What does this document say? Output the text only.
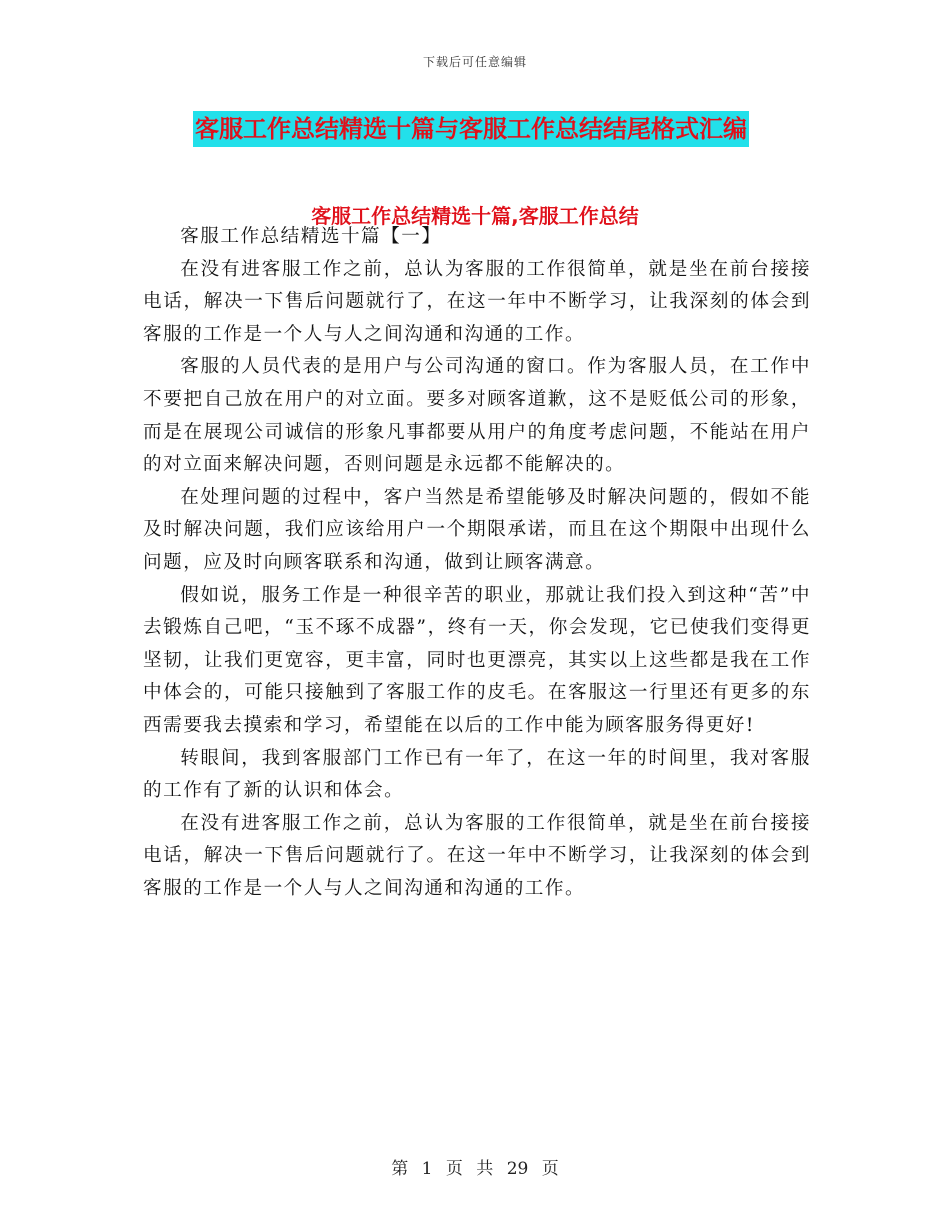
下载后可任意编辑
客服工作总结精选十篇与客服工作总结结尾格式汇编
客服工作总结精选十篇,客服工作总结

客服工作总结精选十篇【一】

在没有进客服工作之前，总认为客服的工作很简单，就是坐在前台接接电话，解决一下售后问题就行了，在这一年中不断学习，让我深刻的体会到客服的工作是一个人与人之间沟通和沟通的工作。

客服的人员代表的是用户与公司沟通的窗口。作为客服人员，在工作中不要把自己放在用户的对立面。要多对顾客道歉，这不是贬低公司的形象，而是在展现公司诚信的形象凡事都要从用户的角度考虑问题，不能站在用户的对立面来解决问题，否则问题是永远都不能解决的。

在处理问题的过程中，客户当然是希望能够及时解决问题的，假如不能及时解决问题，我们应该给用户一个期限承诺，而且在这个期限中出现什么问题，应及时向顾客联系和沟通，做到让顾客满意。

假如说，服务工作是一种很辛苦的职业，那就让我们投入到这种“苦”中去锻炼自己吧，“玉不琢不成器”，终有一天，你会发现，它已使我们变得更坚韧，让我们更宽容，更丰富，同时也更漂亮，其实以上这些都是我在工作中体会的，可能只接触到了客服工作的皮毛。在客服这一行里还有更多的东西需要我去摸索和学习，希望能在以后的工作中能为顾客服务得更好!

转眼间，我到客服部门工作已有一年了，在这一年的时间里，我对客服的工作有了新的认识和体会。

在没有进客服工作之前，总认为客服的工作很简单，就是坐在前台接接电话，解决一下售后问题就行了。在这一年中不断学习，让我深刻的体会到客服的工作是一个人与人之间沟通和沟通的工作。

第 1 页 共 29 页
